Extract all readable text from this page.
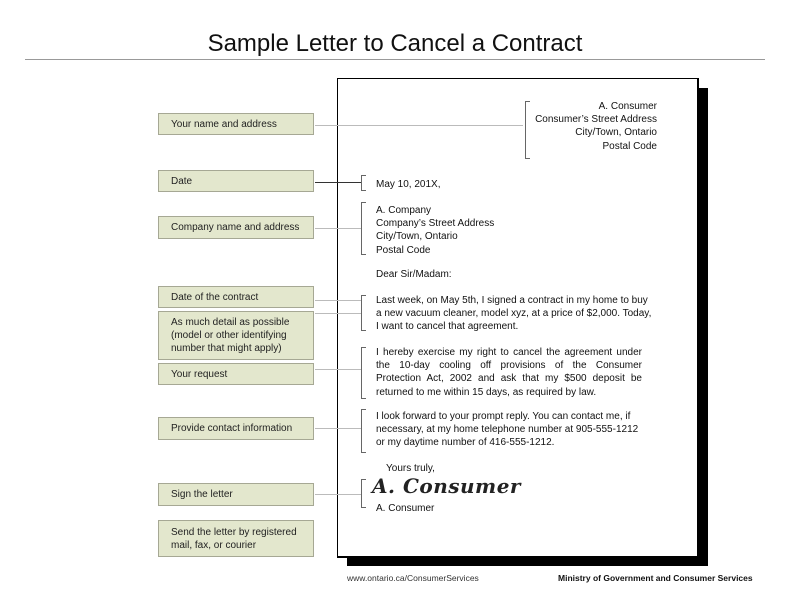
Sample Letter to Cancel a Contract
Your name and address
Date
Company name and address
Date of the contract
As much detail as possible (model or other identifying number that might apply)
Your request
Provide contact information
Sign the letter
Send the letter by registered mail, fax, or courier
A. Consumer
Consumer’s Street Address
City/Town, Ontario
Postal Code
May 10, 201X,
A. Company
Company’s Street Address
City/Town, Ontario
Postal Code
Dear Sir/Madam:
Last week, on May 5th, I signed a contract in my home to buy a new vacuum cleaner, model xyz, at a price of $2,000. Today, I want to cancel that agreement.
I hereby exercise my right to cancel the agreement under the 10-day cooling off provisions of the Consumer Protection Act, 2002 and ask that my $500 deposit be returned to me within 15 days, as required by law.
I look forward to your prompt reply. You can contact me, if necessary, at my home telephone number at 905-555-1212 or my daytime number of 416-555-1212.
Yours truly,
A. Consumer
A. Consumer
www.ontario.ca/ConsumerServices	Ministry of Government and Consumer Services
